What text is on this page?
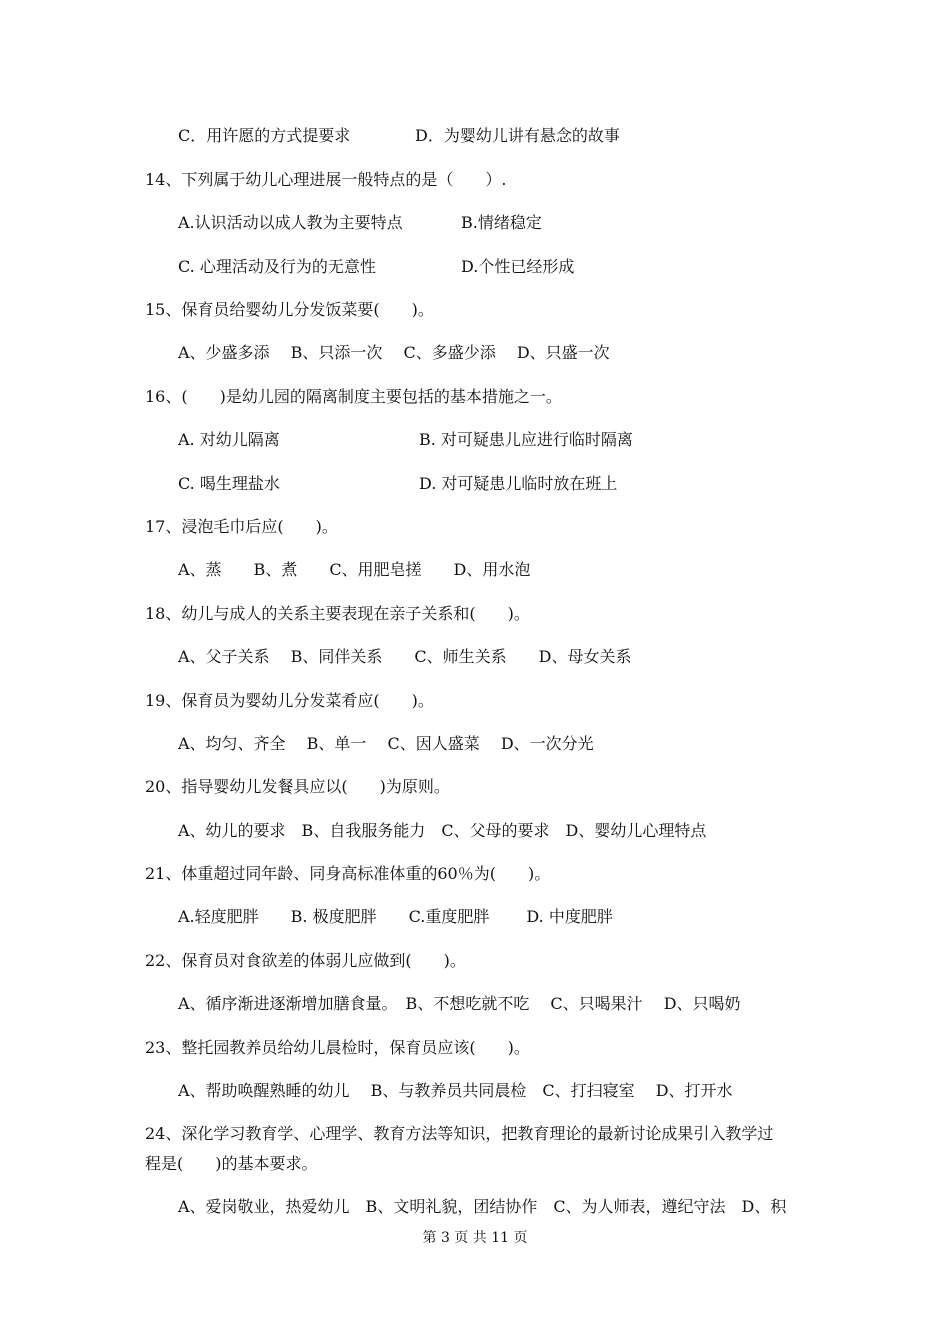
C．用许愿的方式提要求	D．为婴幼儿讲有悬念的故事
14、下列属于幼儿心理进展一般特点的是（　　）.
A.认识活动以成人教为主要特点	B.情绪稳定
C. 心理活动及行为的无意性	D.个性已经形成
15、保育员给婴幼儿分发饭菜要(　　)。
A、少盛多添　 B、只添一次　 C、多盛少添　 D、只盛一次
16、(　　)是幼儿园的隔离制度主要包括的基本措施之一。
A. 对幼儿隔离	B. 对可疑患儿应进行临时隔离
C. 喝生理盐水	D. 对可疑患儿临时放在班上
17、浸泡毛巾后应(　　)。
A、蒸　　B、煮　　C、用肥皂搓　　D、用水泡
18、幼儿与成人的关系主要表现在亲子关系和(　　)。
A、父子关系　 B、同伴关系　　C、师生关系　　D、母女关系
19、保育员为婴幼儿分发菜肴应(　　)。
A、均匀、齐全　 B、单一　 C、因人盛菜　 D、一次分光
20、指导婴幼儿发餐具应以(　　)为原则。
A、幼儿的要求　B、自我服务能力　C、父母的要求　D、婴幼儿心理特点
21、体重超过同年龄、同身高标准体重的60％为(　　)。
A.轻度肥胖　　B. 极度肥胖　　C.重度肥胖　　 D. 中度肥胖
22、保育员对食欲差的体弱儿应做到(　　)。
A、循序渐进逐渐增加膳食量。　B、不想吃就不吃　 C、只喝果汁　 D、只喝奶
23、整托园教养员给幼儿晨检时，保育员应该(　　)。
A、帮助唤醒熟睡的幼儿　 B、与教养员共同晨检　C、打扫寝室　 D、打开水
24、深化学习教育学、心理学、教育方法等知识，把教育理论的最新讨论成果引入教学过
程是(　　)的基本要求。
A、爱岗敬业，热爱幼儿　B、文明礼貌，团结协作　C、为人师表，遵纪守法　D、积
第 3 页 共 11 页
